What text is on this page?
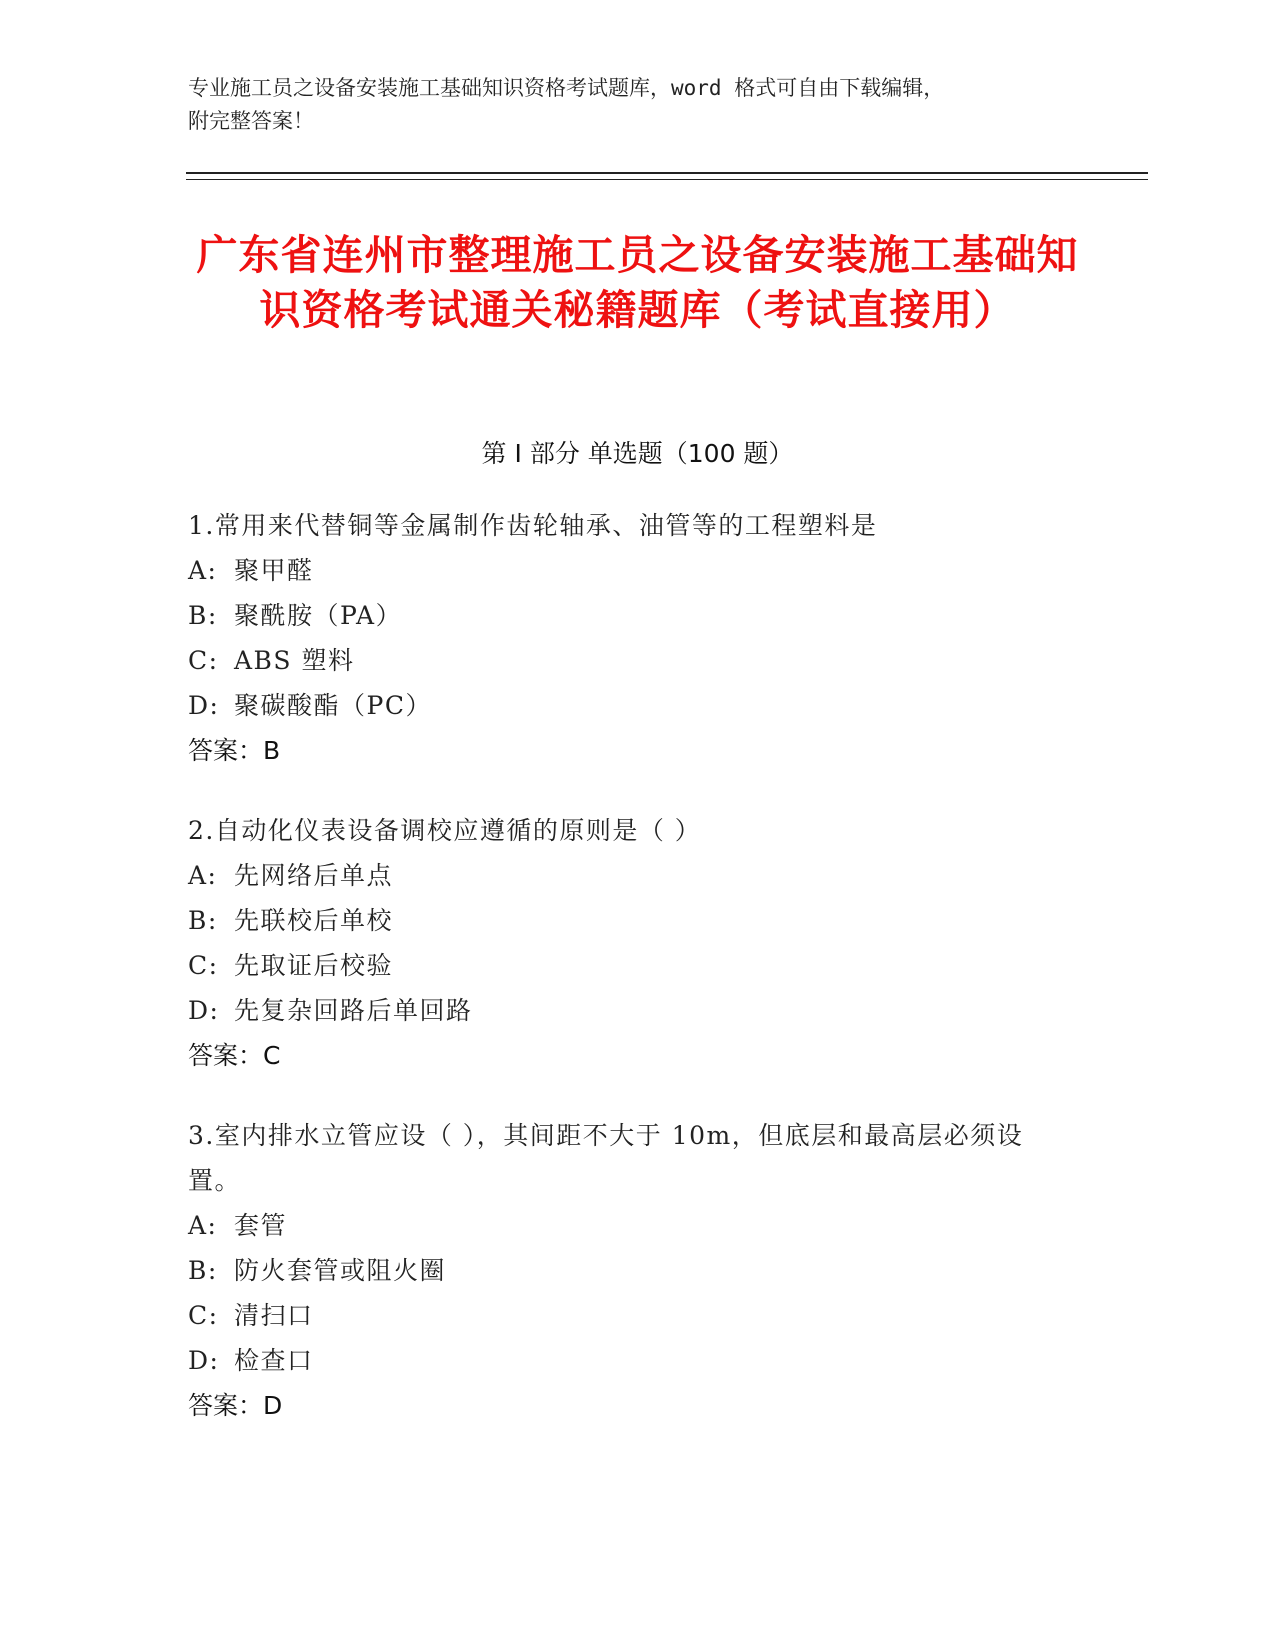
专业施工员之设备安装施工基础知识资格考试题库，word 格式可自由下载编辑，
附完整答案！
广东省连州市整理施工员之设备安装施工基础知识资格考试通关秘籍题库（考试直接用）
第 I 部分 单选题（100 题）

1.常用来代替铜等金属制作齿轮轴承、油管等的工程塑料是

A: 聚甲醛
B: 聚酰胺（PA）
C: ABS 塑料
D: 聚碳酸酯（PC）

答案：B

2.自动化仪表设备调校应遵循的原则是（ ）

A: 先网络后单点
B: 先联校后单校
C: 先取证后校验
D: 先复杂回路后单回路

答案：C

3.室内排水立管应设（ ），其间距不大于 10m，但底层和最高层必须设置。

A: 套管
B: 防火套管或阻火圈
C: 清扫口
D: 检查口

答案：D
